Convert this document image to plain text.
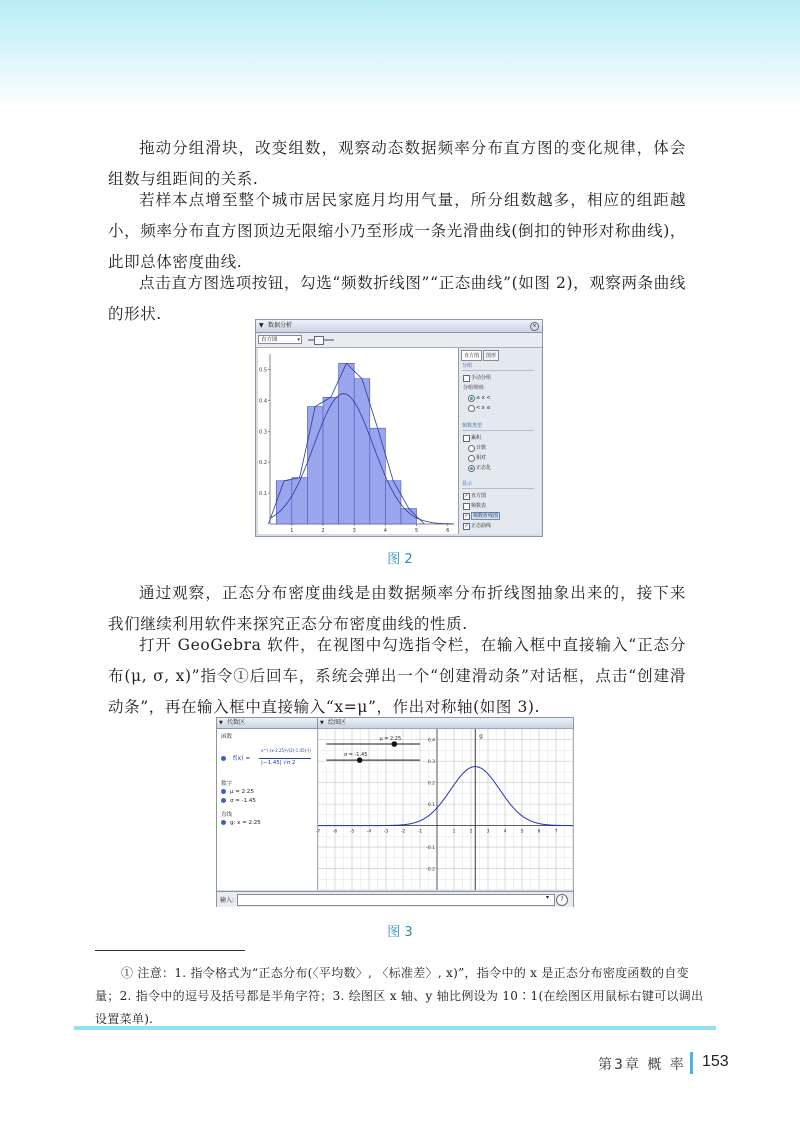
拖动分组滑块，改变组数，观察动态数据频率分布直方图的变化规律，体会组数与组距间的关系.

若样本点增至整个城市居民家庭月均用气量，所分组数越多，相应的组距越小，频率分布直方图顶边无限缩小乃至形成一条光滑曲线(倒扣的钟形对称曲线)，此即总体密度曲线.

点击直方图选项按钮，勾选“频数折线图”“正态曲线”(如图 2)，观察两条曲线的形状.

▼ 数据分析	×
直方图	▾
0.1
0.2
0.3
0.4
0.5
1	2	3	4	5	6
直方图 图形
分组
手动分组
分组规则:
≤ x <
< x ≤
频数类型
累积
计数
相对
正态化
显示
✓ 直方图
频数表
✓ 频数折线图
✓ 正态曲线
图 2

通过观察，正态分布密度曲线是由数据频率分布折线图抽象出来的，接下来我们继续利用软件来探究正态分布密度曲线的性质.

打开 GeoGebra 软件，在视图中勾选指令栏，在输入框中直接输入“正态分布(μ, σ, x)”指令①后回车，系统会弹出一个“创建滑动条”对话框，点击“创建滑动条”，再在输入框中直接输入“x=μ”，作出对称轴(如图 3).

▼ 代数区
函数
f(x) =
e^(-(x-2.25)²/(2(-1.45)²))
|−1.45| √π 2
数字
μ = 2.25
σ = -1.45
直线
g: x = 2.25
▼ 绘图区
-7	-6	-5	-4	-3	-2	-1	1	2	3	4	5	6	7
0.4
0.3
0.2
0.1
-0.1
-0.2
g
μ = 2.25
σ = -1.45
输入:	▾	?
图 3

① 注意：1. 指令格式为“正态分布(〈平均数〉, 〈标准差〉, x)”，指令中的 x 是正态分布密度函数的自变量；2. 指令中的逗号及括号都是半角字符；3. 绘图区 x 轴、y 轴比例设为 10∶1(在绘图区用鼠标右键可以调出设置菜单).

第3章 概 率 153
